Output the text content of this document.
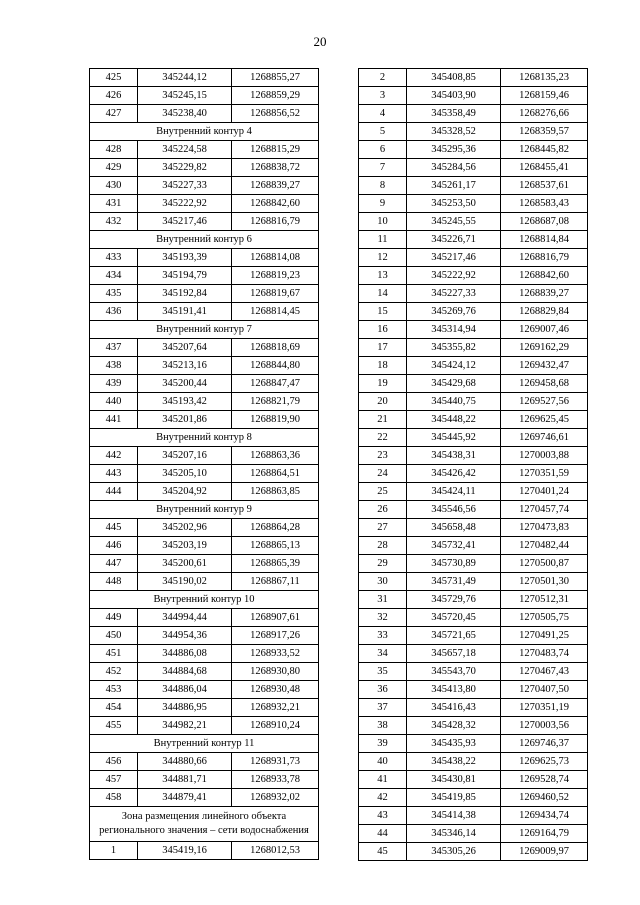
20
425	345244,12	1268855,27
426	345245,15	1268859,29
427	345238,40	1268856,52
Внутренний контур 4		
428	345224,58	1268815,29
429	345229,82	1268838,72
430	345227,33	1268839,27
431	345222,92	1268842,60
432	345217,46	1268816,79
Внутренний контур 6		
433	345193,39	1268814,08
434	345194,79	1268819,23
435	345192,84	1268819,67
436	345191,41	1268814,45
Внутренний контур 7		
437	345207,64	1268818,69
438	345213,16	1268844,80
439	345200,44	1268847,47
440	345193,42	1268821,79
441	345201,86	1268819,90
Внутренний контур 8		
442	345207,16	1268863,36
443	345205,10	1268864,51
444	345204,92	1268863,85
Внутренний контур 9		
445	345202,96	1268864,28
446	345203,19	1268865,13
447	345200,61	1268865,39
448	345190,02	1268867,11
Внутренний контур 10		
449	344994,44	1268907,61
450	344954,36	1268917,26
451	344886,08	1268933,52
452	344884,68	1268930,80
453	344886,04	1268930,48
454	344886,95	1268932,21
455	344982,21	1268910,24
Внутренний контур 11		
456	344880,66	1268931,73
457	344881,71	1268933,78
458	344879,41	1268932,02
Зона размещения линейного объекта регионального значения – сети водоснабжения		
1	345419,16	1268012,53
2	345408,85	1268135,23
3	345403,90	1268159,46
4	345358,49	1268276,66
5	345328,52	1268359,57
6	345295,36	1268445,82
7	345284,56	1268455,41
8	345261,17	1268537,61
9	345253,50	1268583,43
10	345245,55	1268687,08
11	345226,71	1268814,84
12	345217,46	1268816,79
13	345222,92	1268842,60
14	345227,33	1268839,27
15	345269,76	1268829,84
16	345314,94	1269007,46
17	345355,82	1269162,29
18	345424,12	1269432,47
19	345429,68	1269458,68
20	345440,75	1269527,56
21	345448,22	1269625,45
22	345445,92	1269746,61
23	345438,31	1270003,88
24	345426,42	1270351,59
25	345424,11	1270401,24
26	345546,56	1270457,74
27	345658,48	1270473,83
28	345732,41	1270482,44
29	345730,89	1270500,87
30	345731,49	1270501,30
31	345729,76	1270512,31
32	345720,45	1270505,75
33	345721,65	1270491,25
34	345657,18	1270483,74
35	345543,70	1270467,43
36	345413,80	1270407,50
37	345416,43	1270351,19
38	345428,32	1270003,56
39	345435,93	1269746,37
40	345438,22	1269625,73
41	345430,81	1269528,74
42	345419,85	1269460,52
43	345414,38	1269434,74
44	345346,14	1269164,79
45	345305,26	1269009,97
